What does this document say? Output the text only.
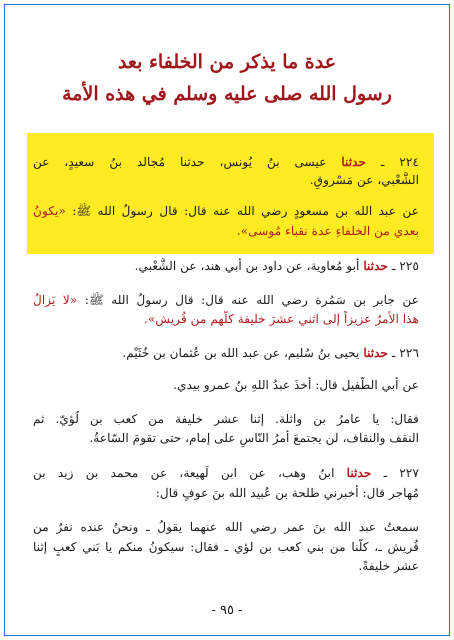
عدة ما يذكر من الخلفاء بعد
رسول الله صلى عليه وسلم في هذه الأمة
٢٢٤ ـ حدثنا عيسى بنُ يُونس، حدثنا مُجالد بنُ سعيدٍ، عن
الشَّعْبي، عن مَسْروقٍ.
عن عبد الله بن مسعودٍ رضي الله عنه قال: قال رسولُ الله ﷺ: «يكونُ
بعدي من الخلفاءِ عدة نقباء مُوسى».
٢٢٥ ـ حدثنا أبو مُعاوية، عن داود بن أبي هند، عن الشَّعْبي.
عن جابر بن سَمُرة رضي الله عنه قال: قال رسولُ الله ﷺ: «لا يَزالُ
هذا الأمرُ عزيزاً إلى اثني عشرَ خليفة كلّهم من قُريش».
٢٢٦ ـ حدثنا يحيى بنُ سُليم، عن عبد الله بن عُثمان بن خُثَيْم.
عن أبي الطُّفيل قال: أخذَ عبدُ اللهِ بنُ عمرو بيدي.
فقال: يا عامرُ بن واثلة. إثنا عشر خليفة من كعب بن لُؤيّ. ثم
النقف والنقاف، لن يجتمعَ أمرُ النّاسِ على إمام، حتى تقومَ السّاعةُ.
٢٢٧ ـ حدثنا ابنُ وهب، عن ابن لَهيعة، عن محمد بن زيد بن
مُهاجر قال: أخبرني طلحة بن عُبيد الله بنَ عوفٍ قال:
سمعتُ عبد الله بنَ عمر رضي الله عنهما يقولُ ـ ونحنُ عنده نفرٌ من
قُريش ـ، كلّنا من بني كعب بن لؤي ـ فقال: سيكونُ منكم يا بَني كعبٍ إثنا
عشر خليفةً.
- ٩٥ -
